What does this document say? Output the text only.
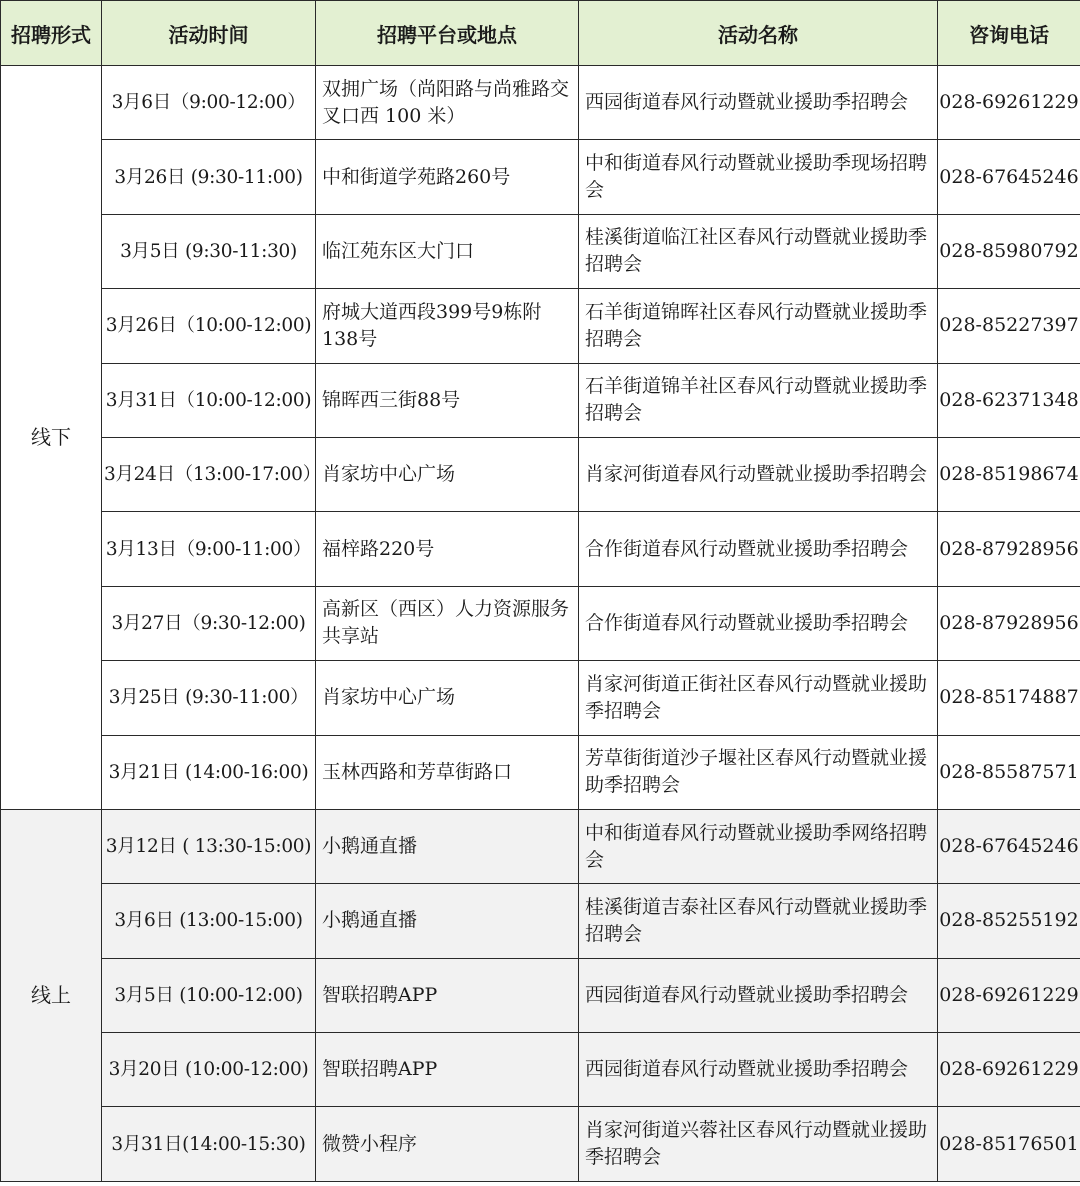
招聘形式	活动时间	招聘平台或地点	活动名称	咨询电话
线下	3月6日（9:00-12:00）	双拥广场（尚阳路与尚雅路交叉口西 100 米）	西园街道春风行动暨就业援助季招聘会	028-69261229
	3月26日 (9:30-11:00)	中和街道学苑路260号	中和街道春风行动暨就业援助季现场招聘会	028-67645246
	3月5日 (9:30-11:30)	临江苑东区大门口	桂溪街道临江社区春风行动暨就业援助季招聘会	028-85980792
	3月26日（10:00-12:00)	府城大道西段399号9栋附138号	石羊街道锦晖社区春风行动暨就业援助季招聘会	028-85227397
	3月31日（10:00-12:00)	锦晖西三街88号	石羊街道锦羊社区春风行动暨就业援助季招聘会	028-62371348
	3月24日（13:00-17:00）	肖家坊中心广场	肖家河街道春风行动暨就业援助季招聘会	028-85198674
	3月13日（9:00-11:00）	福梓路220号	合作街道春风行动暨就业援助季招聘会	028-87928956
	3月27日（9:30-12:00)	高新区（西区）人力资源服务共享站	合作街道春风行动暨就业援助季招聘会	028-87928956
	3月25日 (9:30-11:00）	肖家坊中心广场	肖家河街道正街社区春风行动暨就业援助季招聘会	028-85174887
	3月21日 (14:00-16:00)	玉林西路和芳草街路口	芳草街街道沙子堰社区春风行动暨就业援助季招聘会	028-85587571
线上	3月12日 ( 13:30-15:00)	小鹅通直播	中和街道春风行动暨就业援助季网络招聘会	028-67645246
	3月6日 (13:00-15:00)	小鹅通直播	桂溪街道吉泰社区春风行动暨就业援助季招聘会	028-85255192
	3月5日 (10:00-12:00)	智联招聘APP	西园街道春风行动暨就业援助季招聘会	028-69261229
	3月20日 (10:00-12:00)	智联招聘APP	西园街道春风行动暨就业援助季招聘会	028-69261229
	3月31日(14:00-15:30)	微赞小程序	肖家河街道兴蓉社区春风行动暨就业援助季招聘会	028-85176501
